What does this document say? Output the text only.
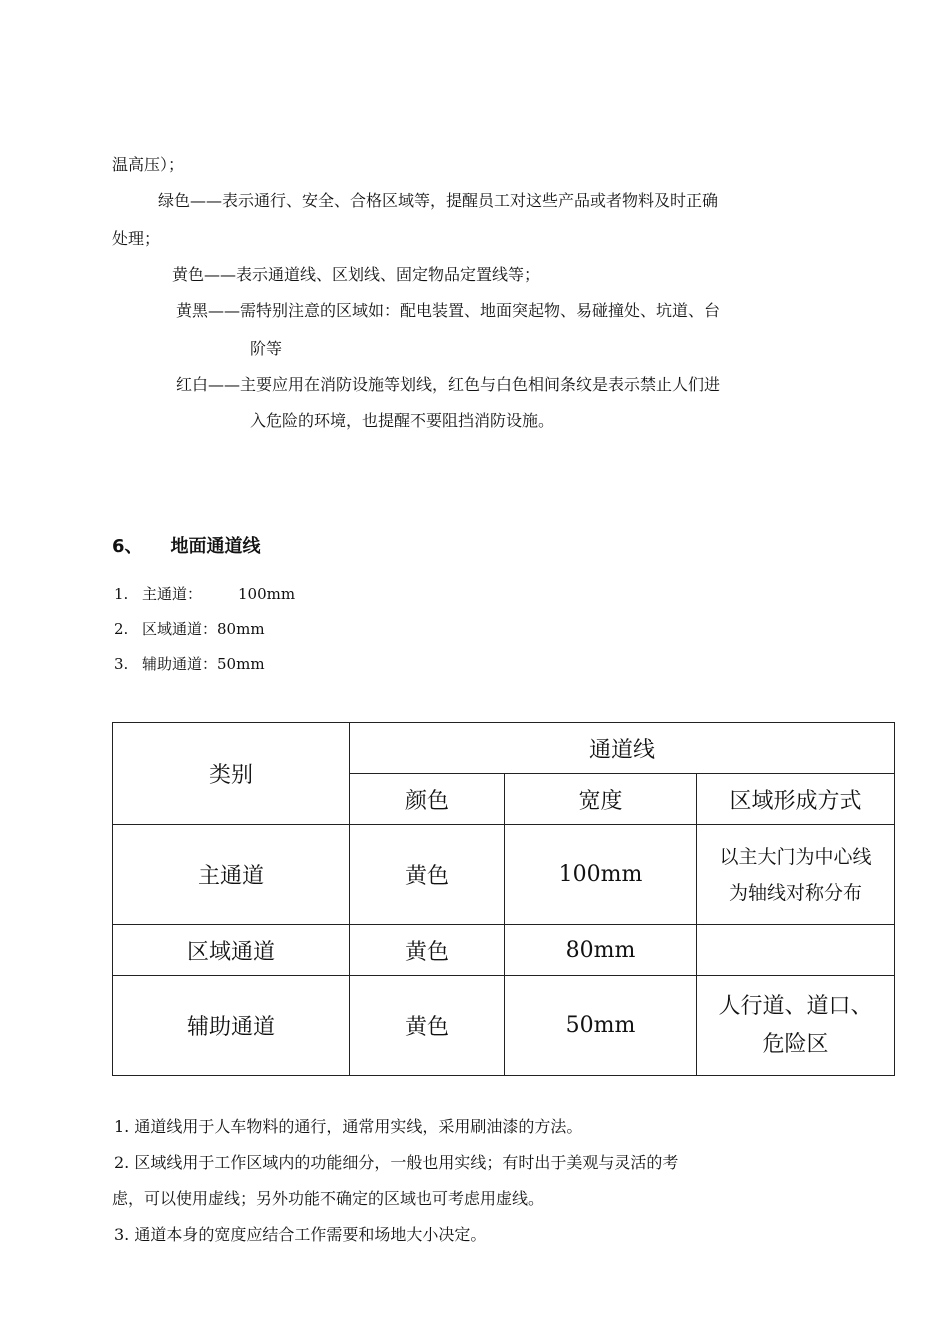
温高压）；
绿色——表示通行、安全、合格区域等，提醒员工对这些产品或者物料及时正确
处理；
黄色——表示通道线、区划线、固定物品定置线等；
黄黑——需特别注意的区域如：配电装置、地面突起物、易碰撞处、坑道、台
阶等
红白——主要应用在消防设施等划线，红色与白色相间条纹是表示禁止人们进
入危险的环境，也提醒不要阻挡消防设施。
6、 地面通道线
1. 主通道： 100mm
2. 区域通道：80mm
3. 辅助通道：50mm
类别	通道线		
	颜色	宽度	区域形成方式
主通道	黄色	100mm	以主大门为中心线
为轴线对称分布

区域通道	黄色	80mm	
辅助通道	黄色	50mm	人行道、道口、
危险区
1. 通道线用于人车物料的通行，通常用实线，采用刷油漆的方法。
2. 区域线用于工作区域内的功能细分，一般也用实线；有时出于美观与灵活的考
虑，可以使用虚线；另外功能不确定的区域也可考虑用虚线。
3. 通道本身的宽度应结合工作需要和场地大小决定。
